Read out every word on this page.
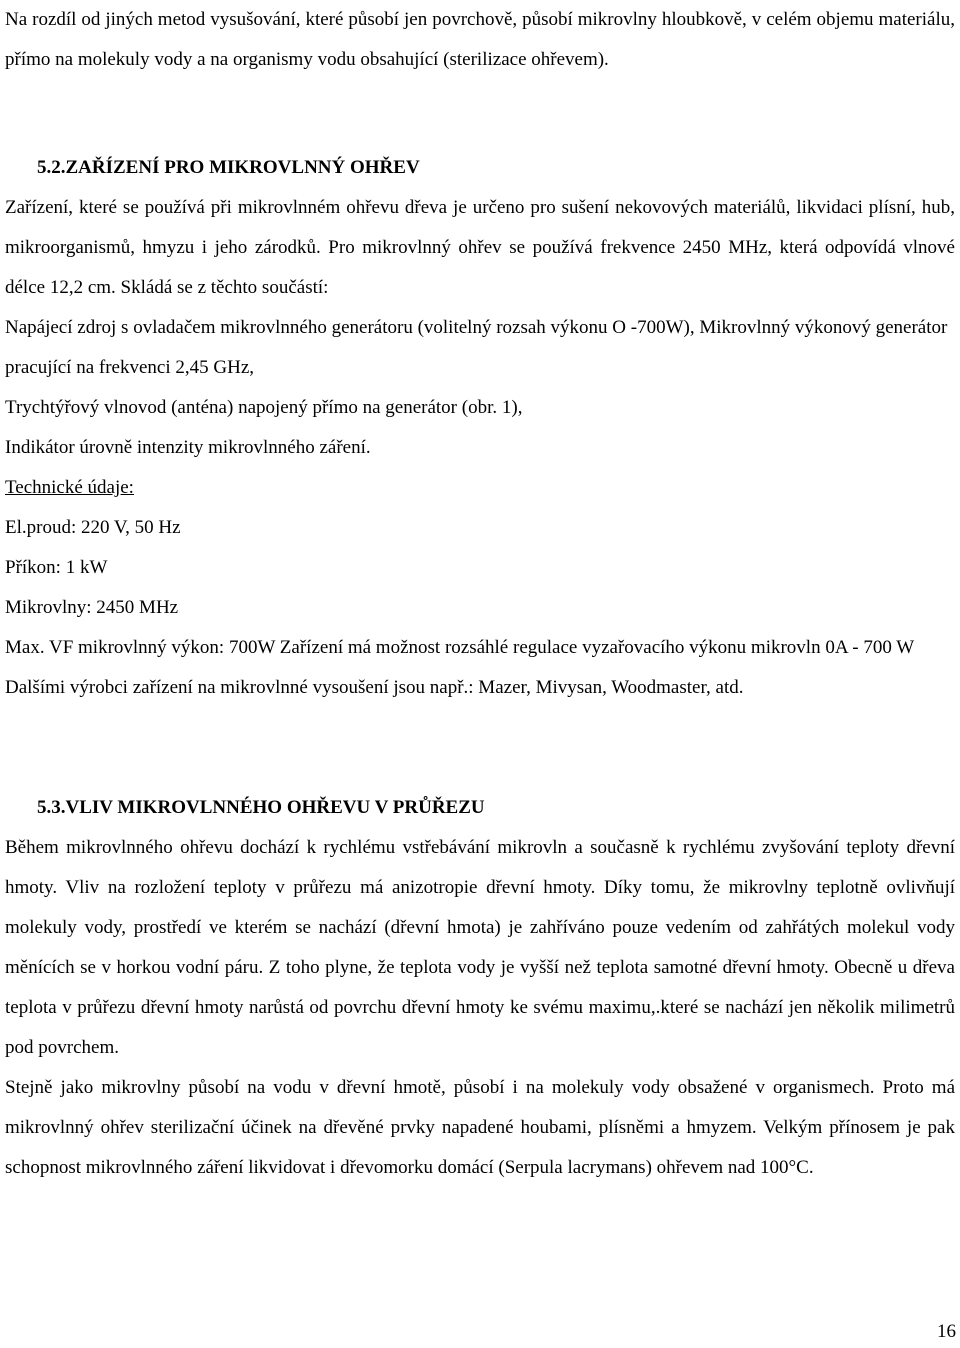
Na rozdíl od jiných metod vysušování, které působí jen povrchově, působí mikrovlny hloubkově, v celém objemu materiálu, přímo na molekuly vody a na organismy vodu obsahující (sterilizace ohřevem).

5.2.ZAŘÍZENÍ PRO MIKROVLNNÝ OHŘEV

Zařízení, které se používá při mikrovlnném ohřevu dřeva je určeno pro sušení nekovových materiálů, likvidaci plísní, hub, mikroorganismů, hmyzu i jeho zárodků. Pro mikrovlnný ohřev se používá frekvence 2450 MHz, která odpovídá vlnové délce 12,2 cm. Skládá se z těchto součástí:

Napájecí zdroj s ovladačem mikrovlnného generátoru (volitelný rozsah výkonu O -700W), Mikrovlnný výkonový generátor pracující na frekvenci 2,45 GHz,

Trychtýřový vlnovod (anténa) napojený přímo na generátor (obr. 1),

Indikátor úrovně intenzity mikrovlnného záření.

Technické údaje:

El.proud: 220 V, 50 Hz

Příkon: 1 kW

Mikrovlny: 2450 MHz

Max. VF mikrovlnný výkon: 700W Zařízení má možnost rozsáhlé regulace vyzařovacího výkonu mikrovln 0A - 700 W

Dalšími výrobci zařízení na mikrovlnné vysoušení jsou např.: Mazer, Mivysan, Woodmaster, atd.

5.3.VLIV MIKROVLNNÉHO OHŘEVU V PRŮŘEZU

Během mikrovlnného ohřevu dochází k rychlému vstřebávání mikrovln a současně k rychlému zvyšování teploty dřevní hmoty. Vliv na rozložení teploty v průřezu má anizotropie dřevní hmoty. Díky tomu, že mikrovlny teplotně ovlivňují molekuly vody, prostředí ve kterém se nachází (dřevní hmota) je zahříváno pouze vedením od zahřátých molekul vody měnících se v horkou vodní páru. Z toho plyne, že teplota vody je vyšší než teplota samotné dřevní hmoty. Obecně u dřeva teplota v průřezu dřevní hmoty narůstá od povrchu dřevní hmoty ke svému maximu,.které se nachází jen několik milimetrů pod povrchem.

Stejně jako mikrovlny působí na vodu v dřevní hmotě, působí i na molekuly vody obsažené v organismech. Proto má mikrovlnný ohřev sterilizační účinek na dřevěné prvky napadené houbami, plísněmi a hmyzem. Velkým přínosem je pak schopnost mikrovlnného záření likvidovat i dřevomorku domácí (Serpula lacrymans) ohřevem nad 100°C.

16
